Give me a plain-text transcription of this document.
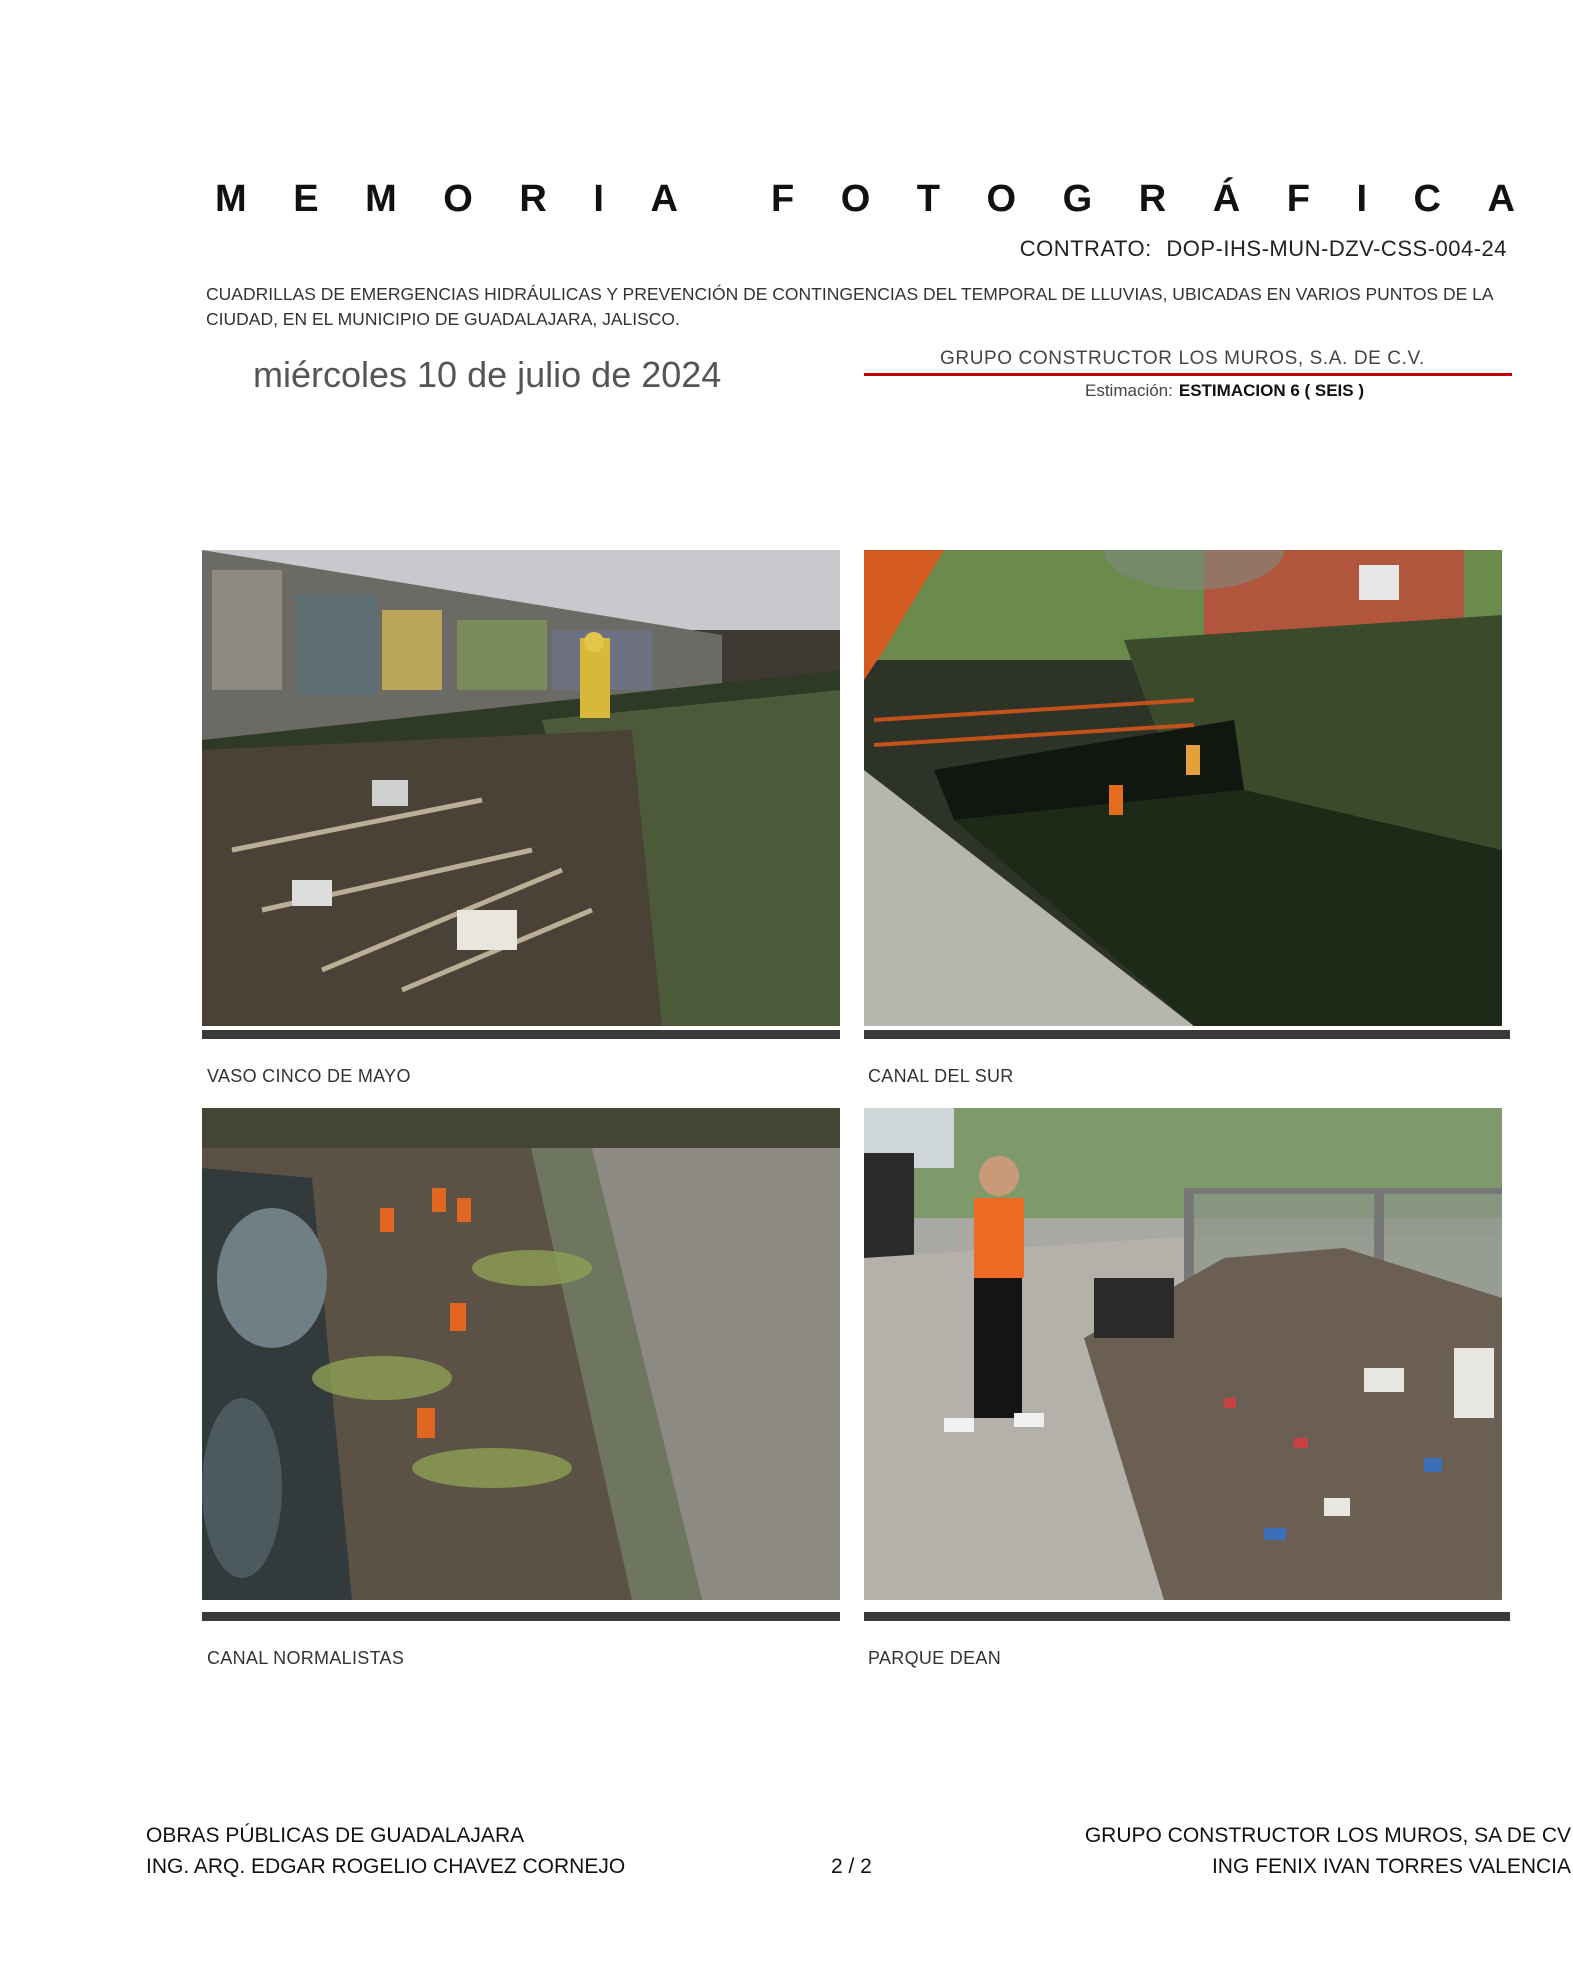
M E M O R I A F O T O G R Á F I C A
CONTRATO: DOP-IHS-MUN-DZV-CSS-004-24
CUADRILLAS DE EMERGENCIAS HIDRÁULICAS Y PREVENCIÓN DE CONTINGENCIAS DEL TEMPORAL DE LLUVIAS, UBICADAS EN VARIOS PUNTOS DE LA CIUDAD, EN EL MUNICIPIO DE GUADALAJARA, JALISCO.
miércoles 10 de julio de 2024	GRUPO CONSTRUCTOR LOS MUROS, S.A. DE C.V.
Estimación: ESTIMACION 6 ( SEIS )
VASO CINCO DE MAYO	CANAL DEL SUR
CANAL NORMALISTAS	PARQUE DEAN
OBRAS PÚBLICAS DE GUADALAJARA
ING. ARQ. EDGAR ROGELIO CHAVEZ CORNEJO	2 / 2
GRUPO CONSTRUCTOR LOS MUROS, SA DE CV
ING FENIX IVAN TORRES VALENCIA
